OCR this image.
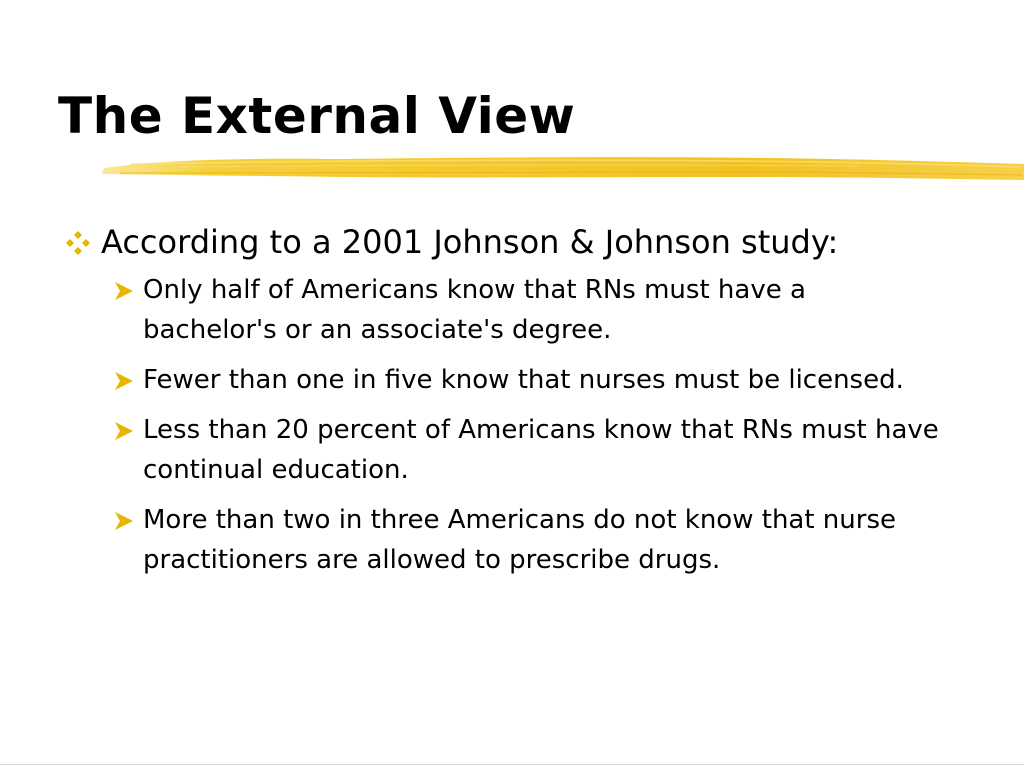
The External View
According to a 2001 Johnson & Johnson study:
Only half of Americans know that RNs must have a bachelor's or an associate's degree.
Fewer than one in five know that nurses must be licensed.
Less than 20 percent of Americans know that RNs must have continual education.
More than two in three Americans do not know that nurse practitioners are allowed to prescribe drugs.
